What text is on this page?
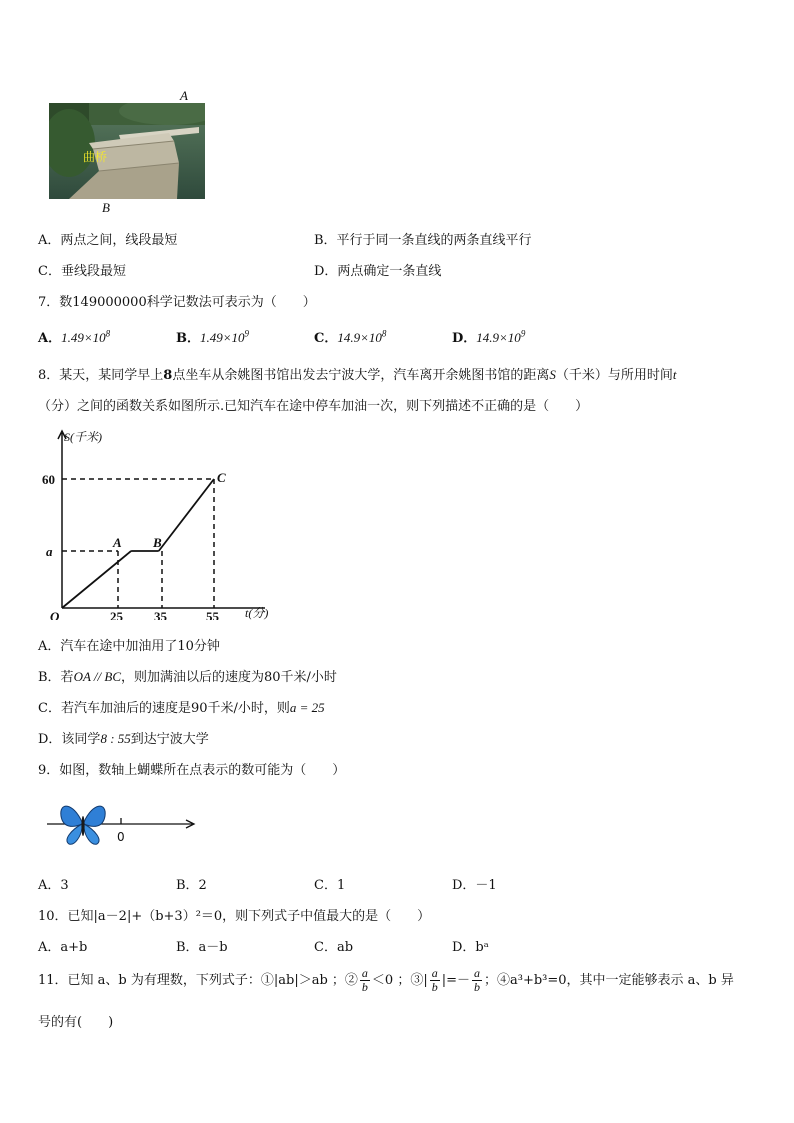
A
曲桥
B
A．两点之间，线段最短	B．平行于同一条直线的两条直线平行
C．垂线段最短	D．两点确定一条直线
7．数149000000科学记数法可表示为（　　）
A．$1.49\times 10^8$	B．$1.49\times 10^9$	C．$14.9\times 10^8$	D．$14.9\times 10^9$
8．某天，某同学早上8点坐车从余姚图书馆出发去宁波大学，汽车离开余姚图书馆的距离S（千米）与所用时间t
（分）之间的函数关系如图所示.已知汽车在途中停车加油一次，则下列描述不正确的是（　　）
S(千米)
t(分)
O
60
a
25 35	55
A B
C
A．汽车在途中加油用了10分钟
B．若OA // BC，则加满油以后的速度为80千米/小时
C．若汽车加油后的速度是90千米/小时，则a = 25
D．该同学8 : 55到达宁波大学
9．如图，数轴上蝴蝶所在点表示的数可能为（　　）
0
A．3	B．2	C．1	D．－1
10．已知|a－2|+（b+3）²＝0，则下列式子中值最大的是（　　）
A．a+b	B．a－b	C．ab	D．bᵃ
11．已知 a、b 为有理数，下列式子：①|ab|＞ab ；② $\frac{a}{b} <0$ ；③| $\frac{a}{b}$ |=－ $\frac{a}{b}$ ；④a³+b³=0，其中一定能够表示 a、b 异
号的有(　　)
